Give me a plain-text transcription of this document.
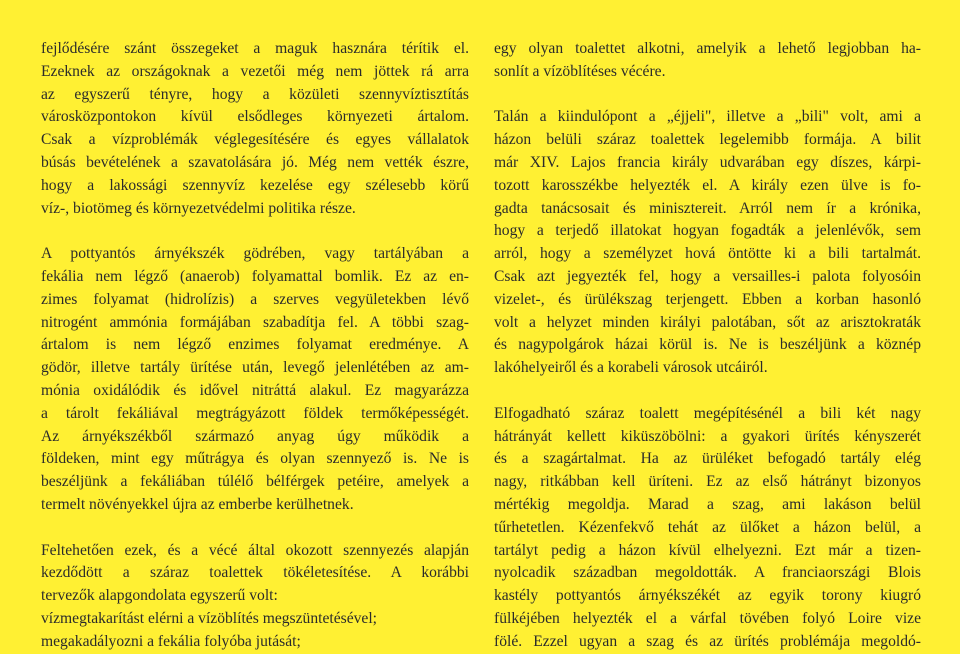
fejlődésére szánt összegeket a maguk hasznára térítik el.
Ezeknek az országoknak a vezetői még nem jöttek rá arra
az egyszerű tényre, hogy a közületi szennyvíztisztítás
városközpontokon kívül elsődleges környezeti ártalom.
Csak a vízproblémák véglegesítésére és egyes vállalatok
búsás bevételének a szavatolására jó. Még nem vették észre,
hogy a lakossági szennyvíz kezelése egy szélesebb körű
víz-, biotömeg és környezetvédelmi politika része.
A pottyantós árnyékszék gödrében, vagy tartályában a
fekália nem légző (anaerob) folyamattal bomlik. Ez az en-
zimes folyamat (hidrolízis) a szerves vegyületekben lévő
nitrogént ammónia formájában szabadítja fel. A többi szag-
ártalom is nem légző enzimes folyamat eredménye. A
gödör, illetve tartály ürítése után, levegő jelenlétében az am-
mónia oxidálódik és idővel nitráttá alakul. Ez magyarázza
a tárolt fekáliával megtrágyázott földek termőképességét.
Az árnyékszékből származó anyag úgy működik a
földeken, mint egy műtrágya és olyan szennyező is. Ne is
beszéljünk a fekáliában túlélő bélférgek petéire, amelyek a
termelt növényekkel újra az emberbe kerülhetnek.
Feltehetően ezek, és a vécé által okozott szennyezés alapján
kezdődött a száraz toalettek tökéletesítése. A korábbi
tervezők alapgondolata egyszerű volt:
vízmegtakarítást elérni a vízöblítés megszüntetésével;
megakadályozni a fekália folyóba jutását;
egy olyan toalettet alkotni, amelyik a lehető legjobban ha-
sonlít a vízöblítéses vécére.
Talán a kiindulópont a „éjjeli", illetve a „bili" volt, ami a
házon belüli száraz toalettek legelemibb formája. A bilit
már XIV. Lajos francia király udvarában egy díszes, kárpi-
tozott karosszékbe helyezték el. A király ezen ülve is fo-
gadta tanácsosait és minisztereit. Arról nem ír a krónika,
hogy a terjedő illatokat hogyan fogadták a jelenlévők, sem
arról, hogy a személyzet hová öntötte ki a bili tartalmát.
Csak azt jegyezték fel, hogy a versailles-i palota folyosóin
vizelet-, és ürülékszag terjengett. Ebben a korban hasonló
volt a helyzet minden királyi palotában, sőt az arisztokraták
és nagypolgárok házai körül is. Ne is beszéljünk a köznép
lakóhelyeiről és a korabeli városok utcáiról.
Elfogadható száraz toalett megépítésénél a bili két nagy
hátrányát kellett kiküszöbölni: a gyakori ürítés kényszerét
és a szagártalmat. Ha az ürüléket befogadó tartály elég
nagy, ritkábban kell üríteni. Ez az első hátrányt bizonyos
mértékig megoldja. Marad a szag, ami lakáson belül
tűrhetetlen. Kézenfekvő tehát az ülőket a házon belül, a
tartályt pedig a házon kívül elhelyezni. Ezt már a tizen-
nyolcadik században megoldották. A franciaországi Blois
kastély pottyantós árnyékszékét az egyik torony kiugró
fülkéjében helyezték el a várfal tövében folyó Loire vize
fölé. Ezzel ugyan a szag és az ürítés problémája megoldó-
